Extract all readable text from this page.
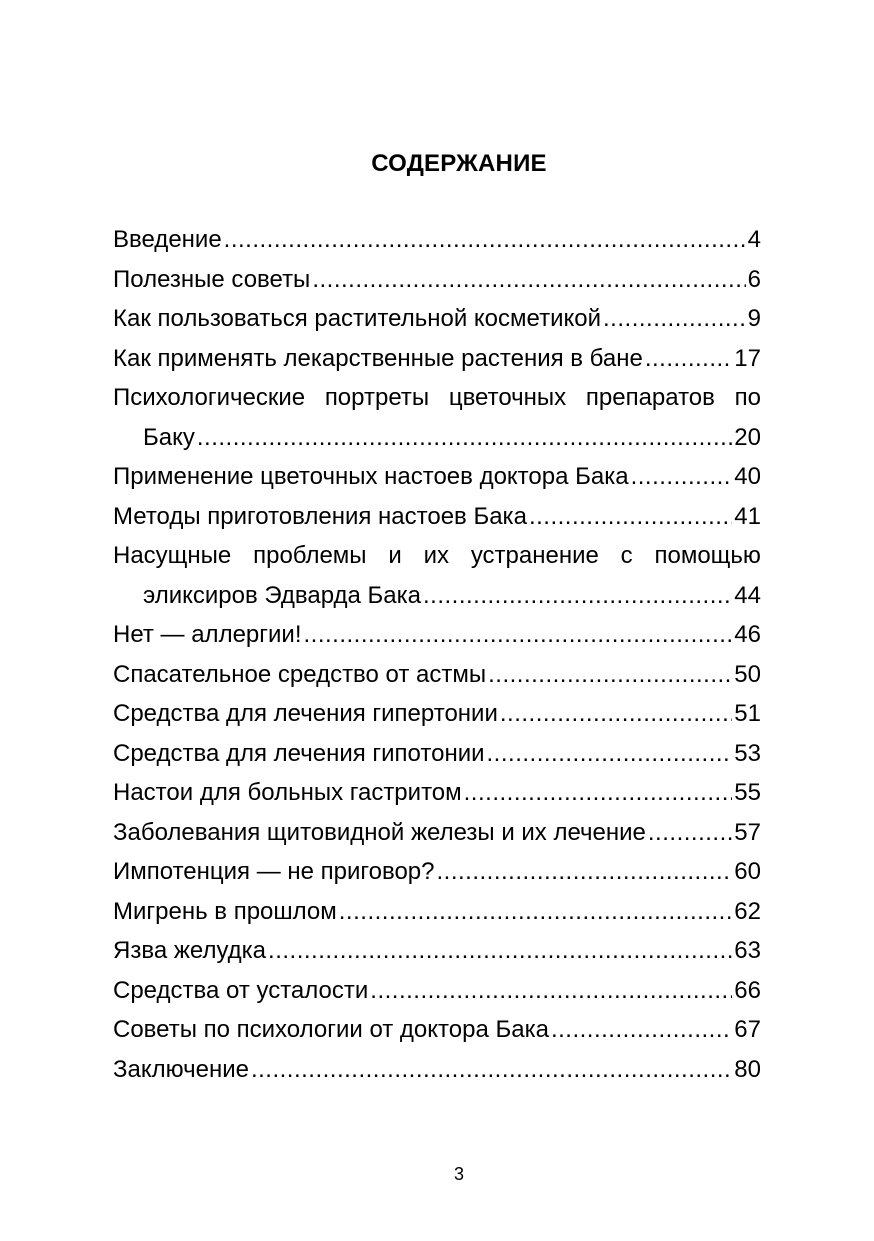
СОДЕРЖАНИЕ
Введение .....	4
Полезные советы .....	6
Как пользоваться растительной косметикой .....	9
Как применять лекарственные растения в бане .....	17
Психологические портреты цветочных препаратов по
Баку .....	20
Применение цветочных настоев доктора Бака .....	40
Методы приготовления настоев Бака .....	41
Насущные проблемы и их устранение с помощью
эликсиров Эдварда Бака .....	44
Нет — аллергии! .....	46
Спасательное средство от астмы .....	50
Средства для лечения гипертонии .....	51
Средства для лечения гипотонии .....	53
Настои для больных гастритом .....	55
Заболевания щитовидной железы и их лечение .....	57
Импотенция — не приговор? .....	60
Мигрень в прошлом .....	62
Язва желудка .....	63
Средства от усталости .....	66
Советы по психологии от доктора Бака .....	67
Заключение .....	80
3
